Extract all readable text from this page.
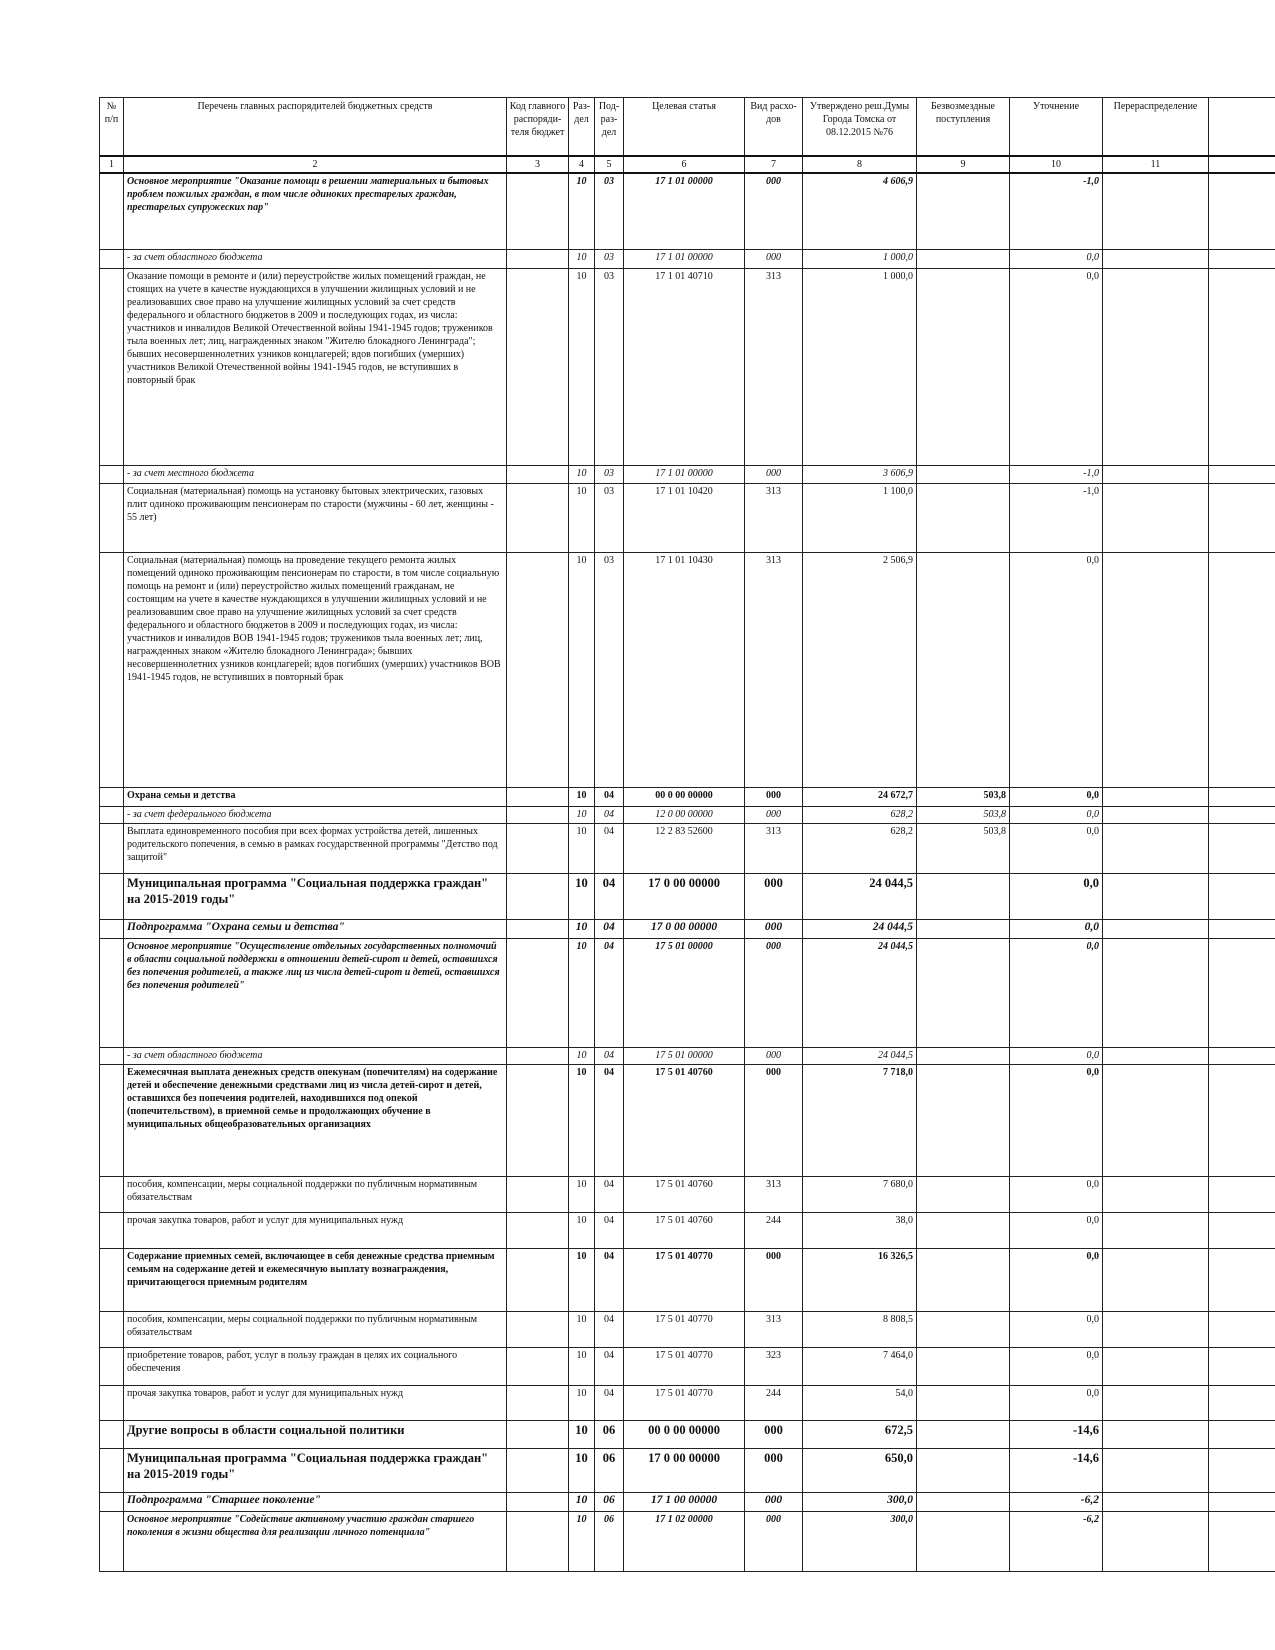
№ п/п	Перечень главных распорядителей бюджетных средств	Код главного распоряди-теля бюджет	Раз-дел	Под-раз-дел	Целевая статья	Вид расхо-дов	Утверждено реш.Думы Города Томска от 08.12.2015 №76	Безвозмездные поступления	Уточнение	Перераспределение	
1	2	3	4	5	6	7	8	9	10	11	
	Основное мероприятие "Оказание помощи в решении материальных и бытовых проблем пожилых граждан, в том числе одиноких престарелых граждан, престарелых супружеских пар"		10	03	17 1 01 00000	000	4 606,9		-1,0		
	- за счет областного бюджета		10	03	17 1 01 00000	000	1 000,0		0,0		
	Оказание помощи в ремонте и (или) переустройстве жилых помещений граждан, не стоящих на учете в качестве нуждающихся в улучшении жилищных условий и не реализовавших свое право на улучшение жилищных условий за счет средств федерального и областного бюджетов в 2009 и последующих годах, из числа: участников и инвалидов Великой Отечественной войны 1941-1945 годов; тружеников тыла военных лет; лиц, награжденных знаком "Жителю блокадного Ленинграда"; бывших несовершеннолетних узников концлагерей; вдов погибших (умерших) участников Великой Отечественной войны 1941-1945 годов, не вступивших в повторный брак		10	03	17 1 01 40710	313	1 000,0		0,0		
	- за счет местного бюджета		10	03	17 1 01 00000	000	3 606,9		-1,0		
	Социальная (материальная) помощь на установку бытовых электрических, газовых плит одиноко проживающим пенсионерам по старости (мужчины - 60 лет, женщины - 55 лет)		10	03	17 1 01 10420	313	1 100,0		-1,0		
	Социальная (материальная) помощь на проведение текущего ремонта жилых помещений одиноко проживающим пенсионерам по старости, в том числе социальную помощь на ремонт и (или) переустройство жилых помещений гражданам, не состоящим на учете в качестве нуждающихся в улучшении жилищных условий и не реализовавшим свое право на улучшение жилищных условий за счет средств федерального и областного бюджетов в 2009 и последующих годах, из числа: участников и инвалидов ВОВ 1941-1945 годов; тружеников тыла военных лет; лиц, награжденных знаком «Жителю блокадного Ленинграда»; бывших несовершеннолетних узников концлагерей; вдов погибших (умерших) участников ВОВ 1941-1945 годов, не вступивших в повторный брак		10	03	17 1 01 10430	313	2 506,9		0,0		
	Охрана семьи и детства		10	04	00 0 00 00000	000	24 672,7	503,8	0,0		
	- за счет федерального бюджета		10	04	12 0 00 00000	000	628,2	503,8	0,0		
	Выплата единовременного пособия при всех формах устройства детей, лишенных родительского попечения, в семью в рамках государственной программы "Детство под защитой"		10	04	12 2 83 52600	313	628,2	503,8	0,0		
	Муниципальная программа "Социальная поддержка граждан" на 2015-2019 годы"		10	04	17 0 00 00000	000	24 044,5		0,0		
	Подпрограмма "Охрана семьи и детства"		10	04	17 0 00 00000	000	24 044,5		0,0		
	Основное мероприятие "Осуществление отдельных государственных полномочий в области социальной поддержки в отношении детей-сирот и детей, оставшихся без попечения родителей, а также лиц из числа детей-сирот и детей, оставшихся без попечения родителей"		10	04	17 5 01 00000	000	24 044,5		0,0		
	- за счет областного бюджета		10	04	17 5 01 00000	000	24 044,5		0,0		
	Ежемесячная выплата денежных средств опекунам (попечителям) на содержание детей и обеспечение денежными средствами лиц из числа детей-сирот и детей, оставшихся без попечения родителей, находившихся под опекой (попечительством), в приемной семье и продолжающих обучение в муниципальных общеобразовательных организациях		10	04	17 5 01 40760	000	7 718,0		0,0		
	пособия, компенсации, меры социальной поддержки по публичным нормативным обязательствам		10	04	17 5 01 40760	313	7 680,0		0,0		
	прочая закупка товаров, работ и услуг для муниципальных нужд		10	04	17 5 01 40760	244	38,0		0,0		
	Содержание приемных семей, включающее в себя денежные средства приемным семьям на содержание детей и ежемесячную выплату вознаграждения, причитающегося приемным родителям		10	04	17 5 01 40770	000	16 326,5		0,0		
	пособия, компенсации, меры социальной поддержки по публичным нормативным обязательствам		10	04	17 5 01 40770	313	8 808,5		0,0		
	приобретение товаров, работ, услуг в пользу граждан в целях их социального обеспечения		10	04	17 5 01 40770	323	7 464,0		0,0		
	прочая закупка товаров, работ и услуг для муниципальных нужд		10	04	17 5 01 40770	244	54,0		0,0		
	Другие вопросы в области социальной политики		10	06	00 0 00 00000	000	672,5		-14,6		
	Муниципальная программа "Социальная поддержка граждан" на 2015-2019 годы"		10	06	17 0 00 00000	000	650,0		-14,6		
	Подпрограмма "Старшее поколение"		10	06	17 1 00 00000	000	300,0		-6,2		
	Основное мероприятие "Содействие активному участию граждан старшего поколения в жизни общества для реализации личного потенциала"		10	06	17 1 02 00000	000	300,0		-6,2		
